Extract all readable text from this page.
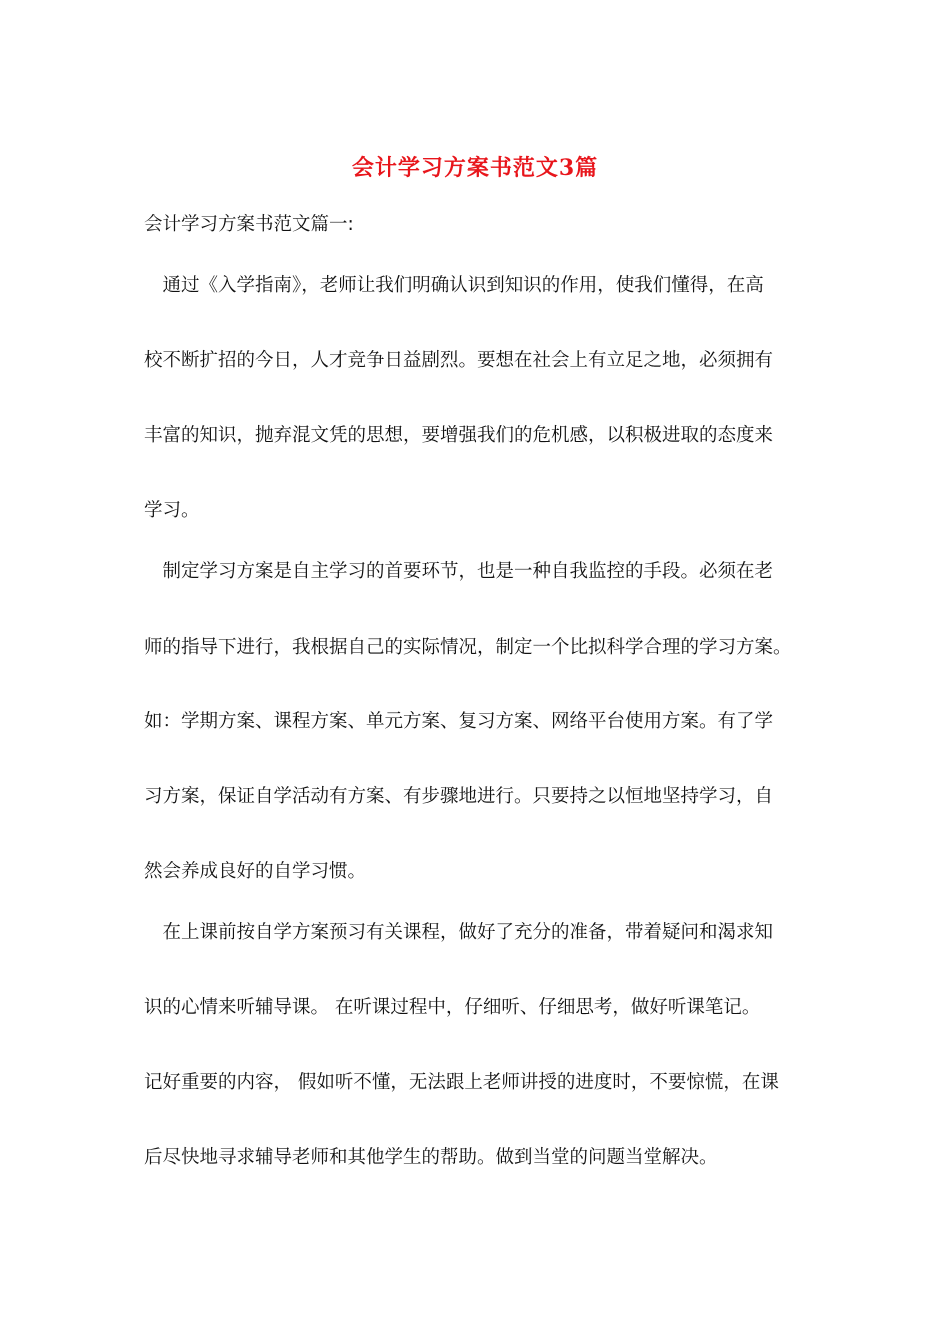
会计学习方案书范文3篇
会计学习方案书范文篇一:
　通过《入学指南》，老师让我们明确认识到知识的作用，使我们懂得，在高
校不断扩招的今日，人才竞争日益剧烈。要想在社会上有立足之地，必须拥有
丰富的知识，抛弃混文凭的思想，要增强我们的危机感，以积极进取的态度来
学习。
　制定学习方案是自主学习的首要环节，也是一种自我监控的手段。必须在老
师的指导下进行，我根据自己的实际情况，制定一个比拟科学合理的学习方案。
如：学期方案、课程方案、单元方案、复习方案、网络平台使用方案。有了学
习方案，保证自学活动有方案、有步骤地进行。只要持之以恒地坚持学习，自
然会养成良好的自学习惯。
　在上课前按自学方案预习有关课程，做好了充分的准备，带着疑问和渴求知
识的心情来听辅导课。 在听课过程中，仔细听、仔细思考，做好听课笔记。
记好重要的内容， 假如听不懂，无法跟上老师讲授的进度时，不要惊慌，在课
后尽快地寻求辅导老师和其他学生的帮助。做到当堂的问题当堂解决。
